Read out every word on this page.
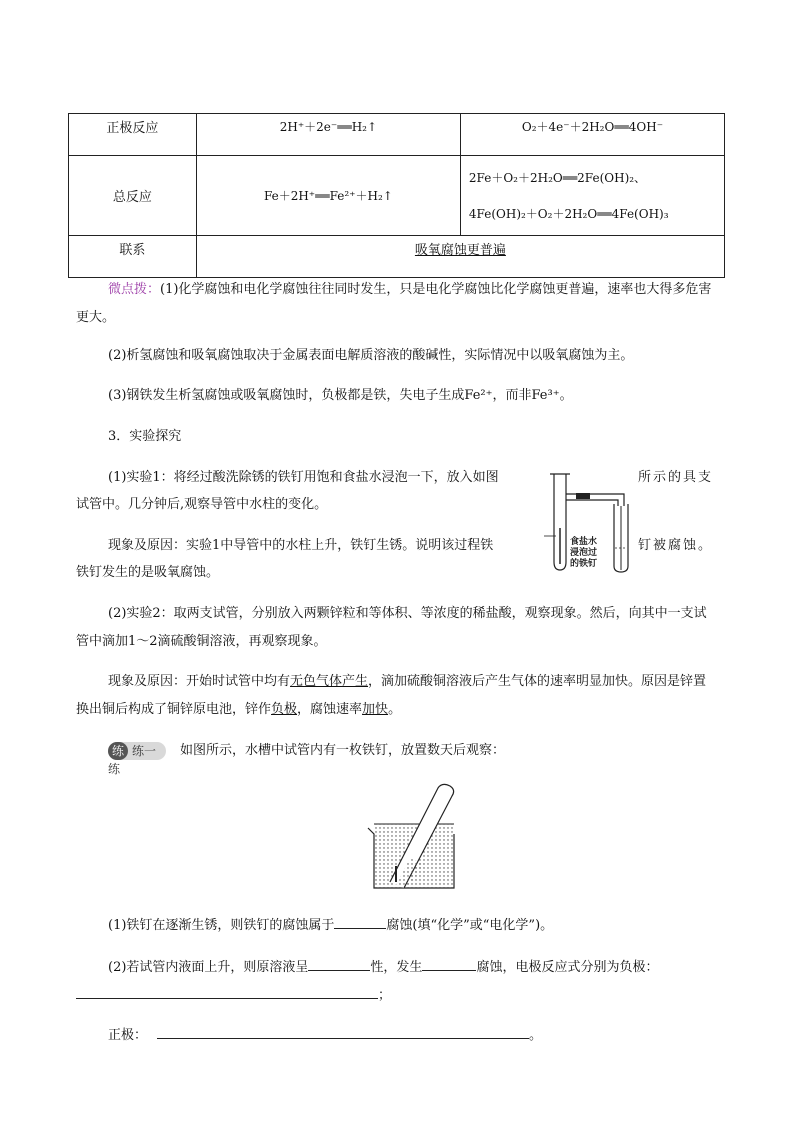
正极反应	2H⁺＋2e⁻══H₂↑	O₂＋4e⁻＋2H₂O══4OH⁻
总反应	Fe＋2H⁺══Fe²⁺＋H₂↑	2Fe＋O₂＋2H₂O══2Fe(OH)₂、
4Fe(OH)₂＋O₂＋2H₂O══4Fe(OH)₃

联系	吸氧腐蚀更普遍	
微点拨：(1)化学腐蚀和电化学腐蚀往往同时发生，只是电化学腐蚀比化学腐蚀更普遍，速率也大得多危害更大。
(2)析氢腐蚀和吸氧腐蚀取决于金属表面电解质溶液的酸碱性，实际情况中以吸氧腐蚀为主。
(3)钢铁发生析氢腐蚀或吸氧腐蚀时，负极都是铁，失电子生成Fe²⁺，而非Fe³⁺。
3．实验探究
(1)实验1：将经过酸洗除锈的铁钉用饱和食盐水浸泡一下，放入如图	所示的具支
试管中。几分钟后,观察导管中水柱的变化。
现象及原因：实验1中导管中的水柱上升，铁钉生锈。说明该过程铁	钉被腐蚀。
铁钉发生的是吸氧腐蚀。
食盐水 浸泡过 的铁钉
(2)实验2：取两支试管，分别放入两颗锌粒和等体积、等浓度的稀盐酸，观察现象。然后，向其中一支试管中滴加1～2滴硫酸铜溶液，再观察现象。
现象及原因：开始时试管中均有无色气体产生，滴加硫酸铜溶液后产生气体的速率明显加快。原因是锌置换出铜后构成了铜锌原电池，锌作负极，腐蚀速率加快。
练 练一练
如图所示，水槽中试管内有一枚铁钉，放置数天后观察：
(1)铁钉在逐渐生锈，则铁钉的腐蚀属于	腐蚀(填“化学”或“电化学”)。
(2)若试管内液面上升，则原溶液呈	性，发生	腐蚀，电极反应式分别为负极：
；
正极：	。
